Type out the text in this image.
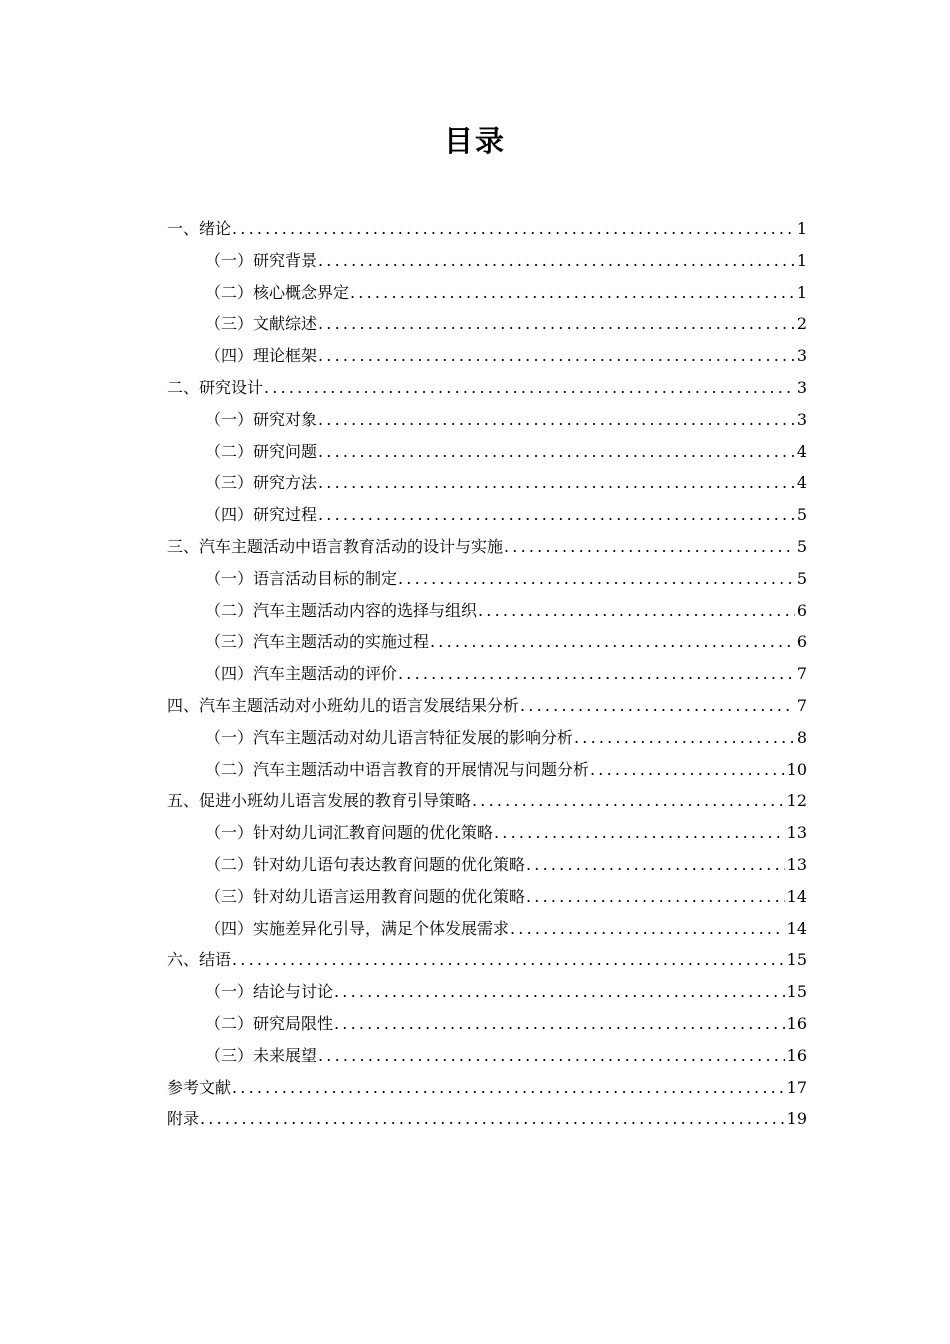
目录
一、绪论 .....	1
（一）研究背景 .....	1
（二）核心概念界定 .....	1
（三）文献综述 .....	2
（四）理论框架 .....	3
二、研究设计 .....	3
（一）研究对象 .....	3
（二）研究问题 .....	4
（三）研究方法 .....	4
（四）研究过程 .....	5
三、汽车主题活动中语言教育活动的设计与实施 .....	5
（一）语言活动目标的制定 .....	5
（二）汽车主题活动内容的选择与组织 .....	6
（三）汽车主题活动的实施过程 .....	6
（四）汽车主题活动的评价 .....	7
四、汽车主题活动对小班幼儿的语言发展结果分析 .....	7
（一）汽车主题活动对幼儿语言特征发展的影响分析 .....	8
（二）汽车主题活动中语言教育的开展情况与问题分析 .....	10
五、促进小班幼儿语言发展的教育引导策略 .....	12
（一）针对幼儿词汇教育问题的优化策略 .....	13
（二）针对幼儿语句表达教育问题的优化策略 .....	13
（三）针对幼儿语言运用教育问题的优化策略 .....	14
（四）实施差异化引导，满足个体发展需求 .....	14
六、结语 .....	15
（一）结论与讨论 .....	15
（二）研究局限性 .....	16
（三）未来展望 .....	16
参考文献 .....	17
附录 .....	19
